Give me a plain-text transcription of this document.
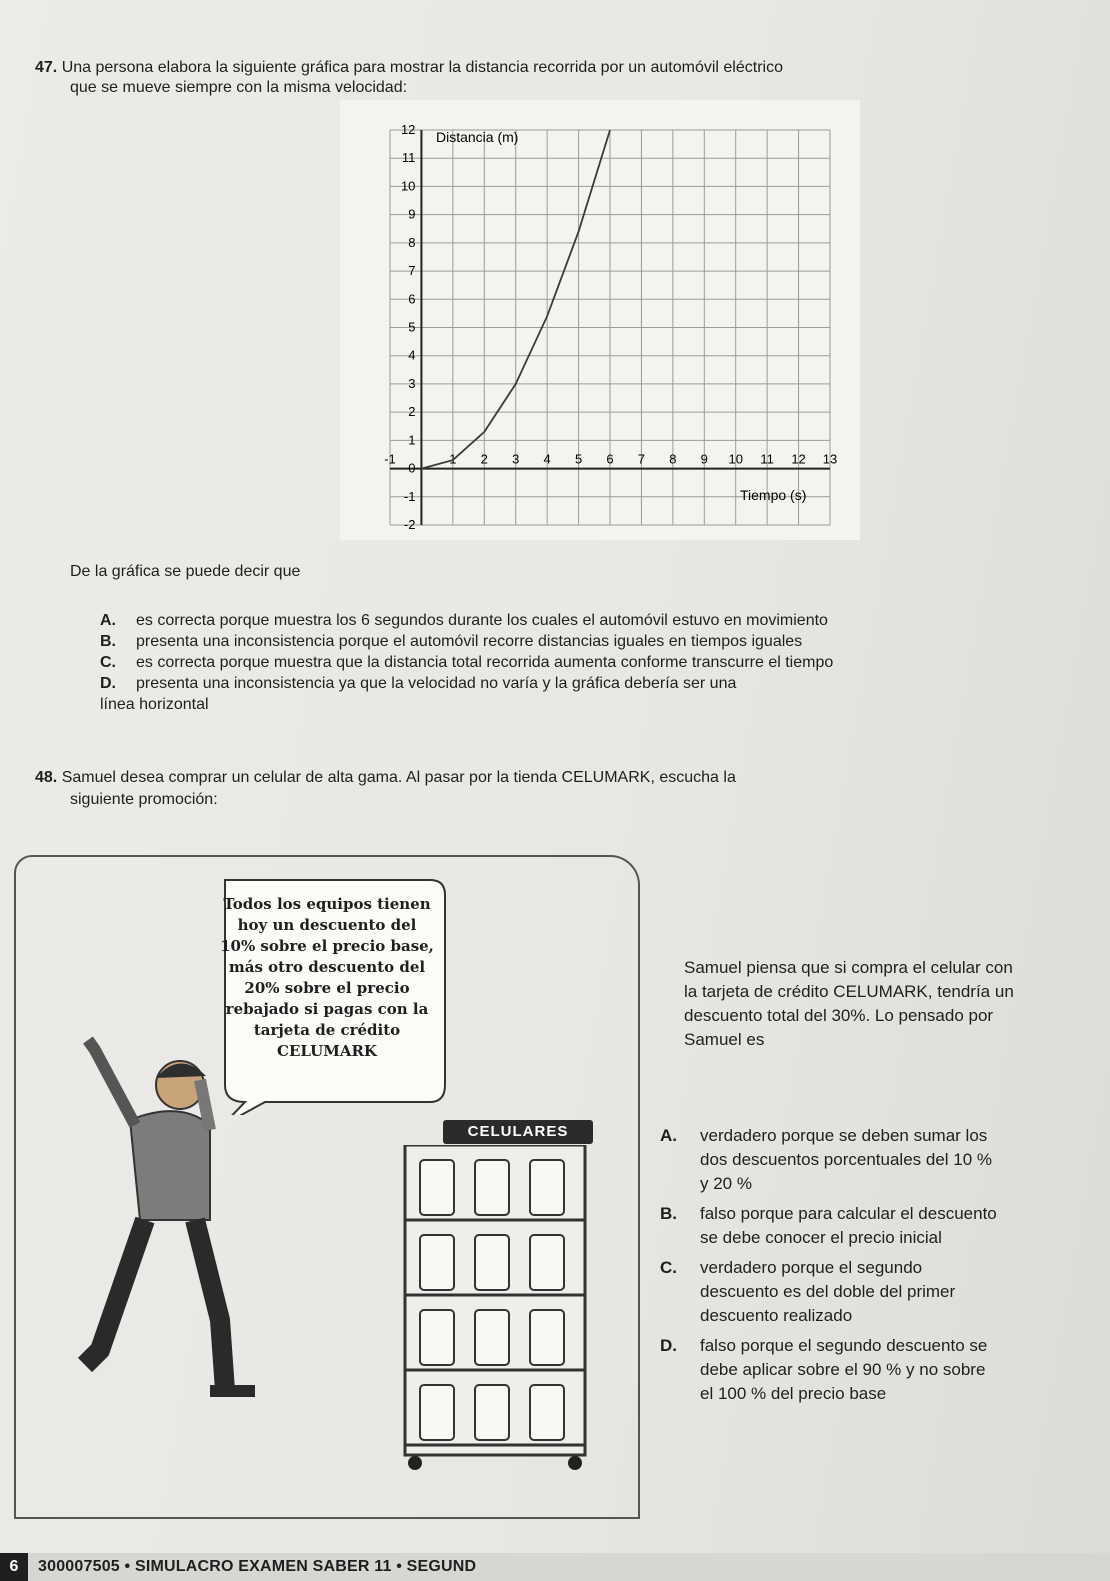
47. Una persona elabora la siguiente gráfica para mostrar la distancia recorrida por un automóvil eléctrico
que se mueve siempre con la misma velocidad:
-1	1 2 3 4 5 6 7 8 9 10 11 12 13
12
11
10
9
8
7
6
5
4
3
2
1
0
-1
-2
Distancia (m)
Tiempo (s)
De la gráfica se puede decir que
A. es correcta porque muestra los 6 segundos durante los cuales el automóvil estuvo en movimiento
B. presenta una inconsistencia porque el automóvil recorre distancias iguales en tiempos iguales
C. es correcta porque muestra que la distancia total recorrida aumenta conforme transcurre el tiempo
D. presenta una inconsistencia ya que la velocidad no varía y la gráfica debería ser una
línea horizontal
48. Samuel desea comprar un celular de alta gama. Al pasar por la tienda CELUMARK, escucha la
siguiente promoción:
Todos los equipos tienen
hoy un descuento del
10% sobre el precio base,
más otro descuento del
20% sobre el precio
rebajado si pagas con la
tarjeta de crédito
CELUMARK
CELULARES
Samuel piensa que si compra el celular con
la tarjeta de crédito CELUMARK, tendría un
descuento total del 30%. Lo pensado por
Samuel es
A.	verdadero porque se deben sumar los
dos descuentos porcentuales del 10 %
y 20 %
B.	falso porque para calcular el descuento
se debe conocer el precio inicial
C.	verdadero porque el segundo
descuento es del doble del primer
descuento realizado
D.	falso porque el segundo descuento se
debe aplicar sobre el 90 % y no sobre
el 100 % del precio base
6	300007505 • SIMULACRO EXAMEN SABER 11 • SEGUND
